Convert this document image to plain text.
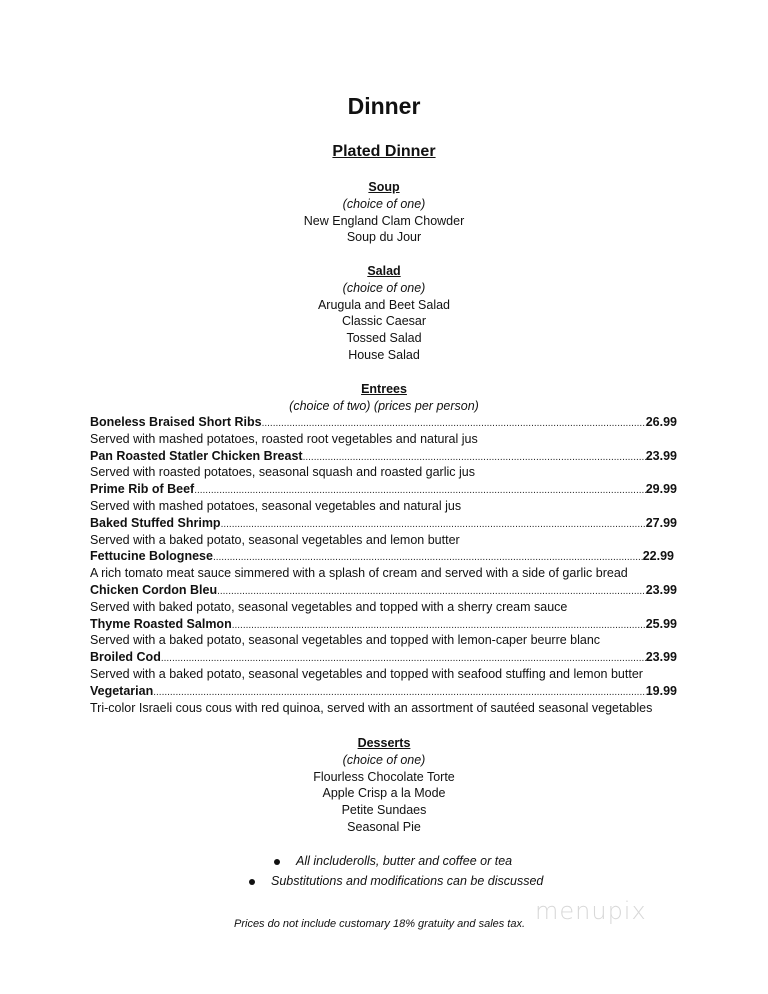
Dinner
Plated Dinner
Soup
(choice of one)
New England Clam Chowder
Soup du Jour
Salad
(choice of one)
Arugula and Beet Salad
Classic Caesar
Tossed Salad
House Salad
Entrees
(choice of two) (prices per person)
Boneless Braised Short Ribs .....	26.99
Served with mashed potatoes, roasted root vegetables and natural jus
Pan Roasted Statler Chicken Breast .....	23.99
Served with roasted potatoes, seasonal squash and roasted garlic jus
Prime Rib of Beef .....	29.99
Served with mashed potatoes, seasonal vegetables and natural jus
Baked Stuffed Shrimp .....	27.99
Served with a baked potato, seasonal vegetables and lemon butter
Fettucine Bolognese .....	22.99
A rich tomato meat sauce simmered with a splash of cream and served with a side of garlic bread
Chicken Cordon Bleu .....	23.99
Served with baked potato, seasonal vegetables and topped with a sherry cream sauce
Thyme Roasted Salmon .....	25.99
Served with a baked potato, seasonal vegetables and topped with lemon-caper beurre blanc
Broiled Cod .....	23.99
Served with a baked potato, seasonal vegetables and topped with seafood stuffing and lemon butter
Vegetarian .....	19.99
Tri-color Israeli cous cous with red quinoa, served with an assortment of sautéed seasonal vegetables
Desserts
(choice of one)
Flourless Chocolate Torte
Apple Crisp a la Mode
Petite Sundaes
Seasonal Pie
All includerolls, butter and coffee or tea
Substitutions and modifications can be discussed
Prices do not include customary 18% gratuity and sales tax. menupix
